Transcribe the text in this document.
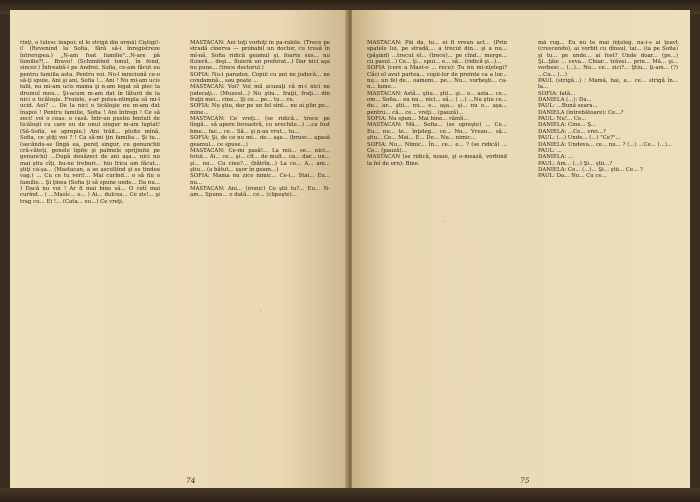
rinţi, o tulesc înapoi; el le strigă din urmă) Cîştigi!-i! (Revenind la Sofia, fără să-i înregistreze întrerupea.) „N-am foat familie"...N-are pă familie?!... Bravo! (Schimbînd tonul, în fond, sincer.) Întreabă-l pe Andrei. Sofia, ce-am făcut eu pentru familia asta. Pentru voi. Nu-l minciună ce-o să-ţi spuie. Ani şi ani, Sofia !... Ani ! Nu mi-am ucis talii, nu mi-am ucis mama şi n-am legat să plec la drumul meu... Şi-acum m-am dat în lăturii de la nici o ticăloşie. Fratele, s-ar putea-nlimpla să mi-l ucid. Aoi? ... De la nici o ticăloşie nu m-am dat înapoi ! Pentru familie, Sofia ! Ani întregi ! Ce să zeci! voi o ceas: o casă. Într-un pustiu bintuit de ticăloşii cu care eu de unul singur m-am luptat! (Să-Sofia, se apropie.) Ani trăit... pluite mînă, Sofia, ce ştiţi voi ? ! Ca să-mi ţin familia... Şi tu... (secăndu-se lîngă ea, pereţ singur, cu genunchii cră-căteţi, genele lipite şi palmele sprijinite pe genunchi) ...După douăzeci de ani aşa... nici nu mai ştiu cîţi, bu-ne treburi... hiu frica am făcut... ştiţi ca-şa... (Mastacan, a se ascultînd şi se tindea vag.) ... Cu ce tu veri!... Mai curînd... o să fiu o familie... Şi ţinea (Sofia ţi să spune unde... Da nu... ) Dacă nu voi ! Ar fi mai bine să... O cetî mai curînd... ( ...Masîc... e... ) Ai... dulcea... Ce zis!... şi trag cu... Ei !... (Cata... eu...) Ce vreţi.
MASTACAN: Ani toţi vorbiţi în pa-ralele. (Trece pe stradă cînerva — probabil un doctor, cu trusă în mî-nă. Sofia ridică geamul şi, foarte sus... nu fluieră... deşi... fluieră un preferat...) Dar nici aşa nu pune... (trece doctorul.)
SOFIA: Nu-i paradox. Copiii cu ani ne judecă... ne condamnă... sau poate ...
MASTACAN: Voi? Voi mă acuzaţi că m-i nici ne judecaţi... (Muzeul...) Nu ştiu... fraţii, fraţi... din fraţii mei... cine... Şi ce... pe... tu... ce.
SOFIA: Nu ştiu, dar pe un fel sînt... ne ai plin pe... mine...
MASTACAN: Ce vreţi... (se ridică... trece pe lîngă... să apere fereastră, cu urechile...) ...ca fost bine... fac... ce... Să... şi n-au vrut... tu...
SOFIA: Şi, de ce nu mi... de... aşa... (brusc... apasă geamul... ce spuse...)
MASTACAN: Ce-mi pasă!... La noi... se... nici... totul... Ai... ce... şi... cît... de mult... ca... dar... un... şi... nu... Cu cine?... (bătrîn...) La ce... A... am... ştiu... (a bătut... uşor în geam...)
SOFIA: Mama nu zice nimic... Ce-i... Stai... Eu... nu...
MASTACAN: Ani... (ironic) Ce ştii tu?... Eu... N-am... Spune... o dată... ce... (clipeşte)...
74
MASTACAN: Păi da, tu... ei fi vreun act... (Prin spatele lui, pe stradă,... a trecut din... şi a nu... (păşind) ...trecut el... (trece)... pe cînd... merge... cu pasul...) Ce... ţi... spui... e... să... (ridică şi...)...
SOFIA (cere a Mast-o ... rece): Tu nu mi-nţelegi? Căci el avut partea... copii-lor de preinte ca a lor... nu... un fel de... oameni... pe... Nu... vorbeşti... ca-n... lume...
MASTACAN: Astă... ştiu... ştii... şi... e... asta... ce... om... Sofia... eu nu... nici... să... ( ...) ...Nu ştiu ce... de... ar... ştii... nu... e... aşa... şi... nu e... aşa... pentru... că... ce... vreţi... (pauză)...
SOFIA: Nu spun... Mai bine... rămîi...
MASTACAN: Mă... Sofia... (se opreşte) ... Ce... Eu... nu... te... înţeleg... ce... Nu... Vreau... să... ştiu... Ce... Mai... E... De... Nu... nimic...
SOFIA: Nu... Nimic... În... ce... e... ? (se ridică) ... Ce... (pauză)...
MASTACAN (se ridică, noaie, şi o-mează, vorbind la fel de orn): Bine.
mă rog... Eu nu te mai înţeleg, na-i-s ai ţeavt (crescendo), ai vorbit cu dînsul, tai... (ia pe Sofia) şi tu... pe unde... ai fost? Unde doar... (pe...) Şi...ţăie ... ceva... Chiar... trăvei... prin... Mă... şi... vorbesc... (...)... Nu... ce... zici?... Ştiu... ţi-am... (?) ...Cu... (...)
PAUL (strigă...) : Mamă, hai, a... ce... strigă în... la...
SOFIA: Iată...
DANIELA (...): Da...
PAUL: ...Bună seara...
DANIELA (întrebătoare): Ce...?
PAUL: Nu!... Ce...
DANIELA: Cine... Ş...
DANIELA: ...Ce... vrei...?
PAUL: (...) Unde... (...) "Ce?"...
DANIELA: Undeva... ce... nu... ? (...) ...Ce... (...)...
PAUL: ...
DANIELA: ...
PAUL: Am... (...) Şi... ştii...?
DANIELA: Ce... (...)... Şi... ştii... Ce... ?
PAUL: Da... Nu... Cu ce...
75
